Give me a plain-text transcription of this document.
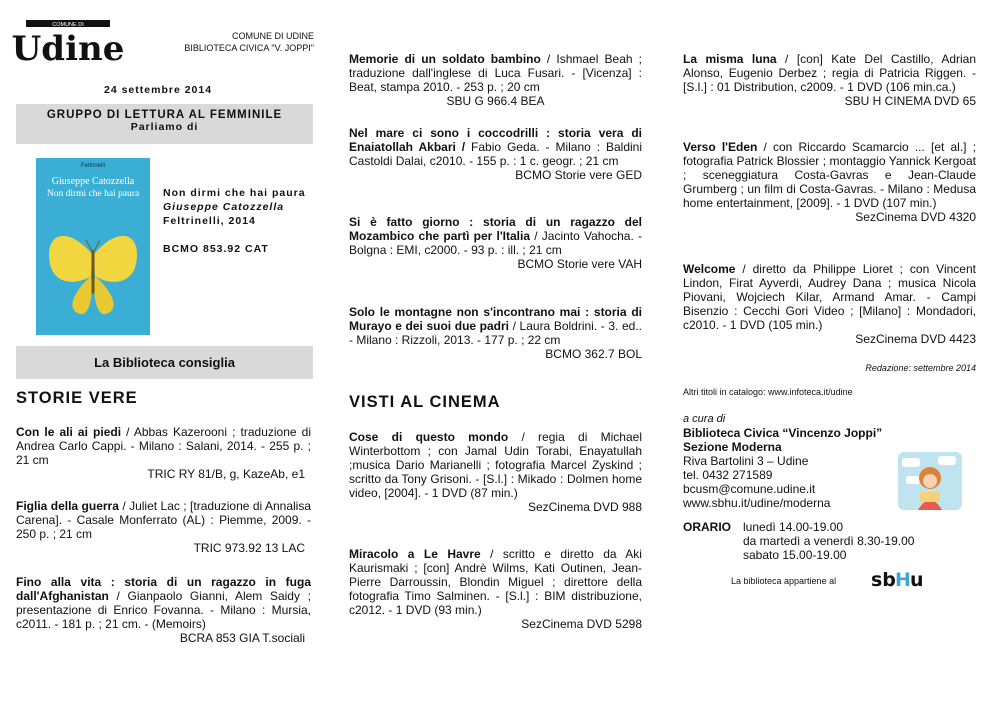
COMUNE DI
Udine	COMUNE DI UDINE
BIBLIOTECA CIVICA "V. JOPPI"
24 settembre 2014
GRUPPO DI LETTURA AL FEMMINILE
Parliamo di
Feltrinelli
Giuseppe Catozzella
Non dirmi che hai paura	Non dirmi che hai paura
Giuseppe Catozzella
Feltrinelli, 2014
BCMO 853.92 CAT
La Biblioteca consiglia
STORIE VERE
Con le ali ai piedi / Abbas Kazerooni ; traduzione di Andrea Carlo Cappi. - Milano : Salani, 2014. - 255 p. ; 21 cm
TRIC RY 81/B, g, KazeAb, e1
Figlia della guerra / Juliet Lac ; [traduzione di Annalisa Carena]. - Casale Monferrato (AL) : Piemme, 2009. - 250 p. ; 21 cm
TRIC 973.92 13 LAC
Fino alla vita : storia di un ragazzo in fuga dall'Afghanistan / Gianpaolo Gianni, Alem Saidy ; presentazione di Enrico Fovanna. - Milano : Mursia, c2011. - 181 p. ; 21 cm. - (Memoirs)
BCRA 853 GIA T.sociali
Memorie di un soldato bambino / Ishmael Beah ; traduzione dall'inglese di Luca Fusari. - [Vicenza] : Beat, stampa 2010. - 253 p. ; 20 cm
SBU G 966.4 BEA
Nel mare ci sono i coccodrilli : storia vera di Enaiatollah Akbari / Fabio Geda. - Milano : Baldini Castoldi Dalai, c2010. - 155 p. : 1 c. geogr. ; 21 cm
BCMO Storie vere GED
Si è fatto giorno : storia di un ragazzo del Mozambico che partì per l'Italia / Jacinto Vahocha. - Bolgna : EMI, c2000. - 93 p. : ill. ; 21 cm
BCMO Storie vere VAH
Solo le montagne non s'incontrano mai : storia di Murayo e dei suoi due padri / Laura Boldrini. - 3. ed.. - Milano : Rizzoli, 2013. - 177 p. ; 22 cm
BCMO 362.7 BOL
VISTI AL CINEMA
Cose di questo mondo / regia di Michael Winterbottom ; con Jamal Udin Torabi, Enayatullah ;musica Dario Marianelli ; fotografia Marcel Zyskind ; scritto da Tony Grisoni. - [S.l.] : Mikado : Dolmen home video, [2004]. - 1 DVD (87 min.)
SezCinema DVD 988
Miracolo a Le Havre / scritto e diretto da Aki Kaurismaki ; [con] Andrè Wilms, Kati Outinen, Jean-Pierre Darroussin, Blondin Miguel ; direttore della fotografia Timo Salminen. - [S.l.] : BIM distribuzione, c2012. - 1 DVD (93 min.)
SezCinema DVD 5298
La misma luna / [con] Kate Del Castillo, Adrian Alonso, Eugenio Derbez ; regia di Patricia Riggen. - [S.l.] : 01 Distribution, c2009. - 1 DVD (106 min.ca.)
SBU H CINEMA DVD 65
Verso l'Eden / con Riccardo Scamarcio ... [et al.] ; fotografia Patrick Blossier ; montaggio Yannick Kergoat ; sceneggiatura Costa-Gavras e Jean-Claude Grumberg ; un film di Costa-Gavras. - Milano : Medusa home entertainment, [2009]. - 1 DVD (107 min.)
SezCinema DVD 4320
Welcome / diretto da Philippe Lioret ; con Vincent Lindon, Firat Ayverdi, Audrey Dana ; musica Nicola Piovani, Wojciech Kilar, Armand Amar. - Campi Bisenzio : Cecchi Gori Video ; [Milano] : Mondadori, c2010. - 1 DVD (105 min.)
SezCinema DVD 4423
Redazione: settembre 2014
Altri titoli in catalogo: www.infoteca.it/udine
a cura di
Biblioteca Civica “Vincenzo Joppi”
Sezione Moderna
Riva Bartolini 3 – Udine
tel. 0432 271589
bcusm@comune.udine.it
www.sbhu.it/udine/moderna
ORARIO lunedì 14.00-19.00
da martedì a venerdì 8.30-19.00
sabato 15.00-19.00
La biblioteca appartiene al sb H u
